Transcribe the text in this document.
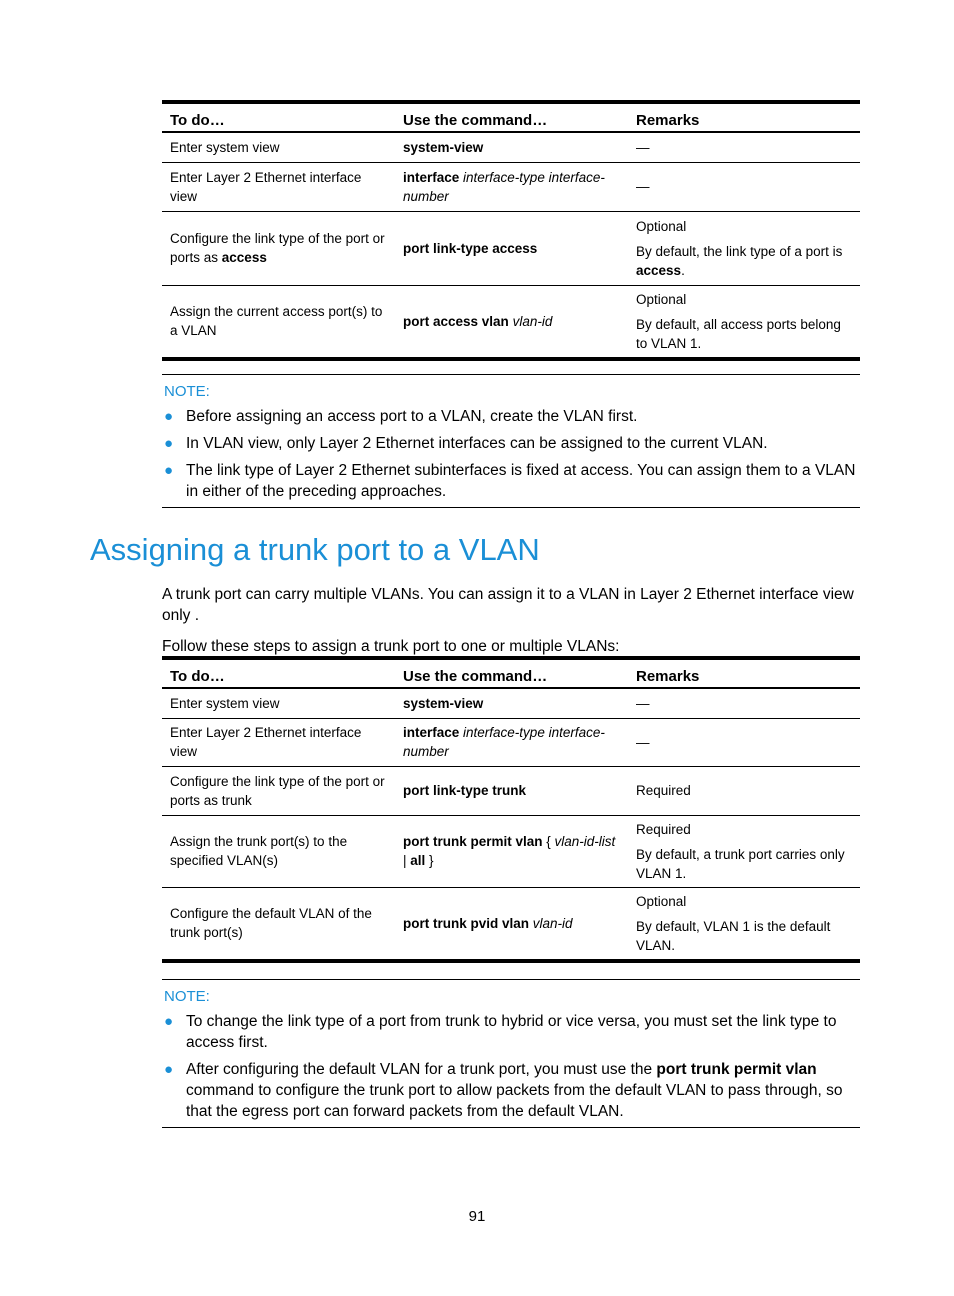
To do…	Use the command…	Remarks
Enter system view	system-view	—
Enter Layer 2 Ethernet interface view	interface interface-type interface-number	—
Configure the link type of the port or ports as access	port link-type access	Optional

By default, the link type of a port is access.

Assign the current access port(s) to a VLAN	port access vlan vlan-id	Optional

By default, all access ports belong to VLAN 1.

NOTE:
● Before assigning an access port to a VLAN, create the VLAN first.
● In VLAN view, only Layer 2 Ethernet interfaces can be assigned to the current VLAN.
● The link type of Layer 2 Ethernet subinterfaces is fixed at access. You can assign them to a VLAN in either of the preceding approaches.
Assigning a trunk port to a VLAN

A trunk port can carry multiple VLANs. You can assign it to a VLAN in Layer 2 Ethernet interface view only .

Follow these steps to assign a trunk port to one or multiple VLANs:

To do…	Use the command…	Remarks
Enter system view	system-view	—
Enter Layer 2 Ethernet interface view	interface interface-type interface-number	—
Configure the link type of the port or ports as trunk	port link-type trunk	Required
Assign the trunk port(s) to the specified VLAN(s)	port trunk permit vlan { vlan-id-list | all }	Required

By default, a trunk port carries only VLAN 1.

Configure the default VLAN of the trunk port(s)	port trunk pvid vlan vlan-id	Optional

By default, VLAN 1 is the default VLAN.

NOTE:
● To change the link type of a port from trunk to hybrid or vice versa, you must set the link type to access first.
● After configuring the default VLAN for a trunk port, you must use the port trunk permit vlan command to configure the trunk port to allow packets from the default VLAN to pass through, so that the egress port can forward packets from the default VLAN.
91
